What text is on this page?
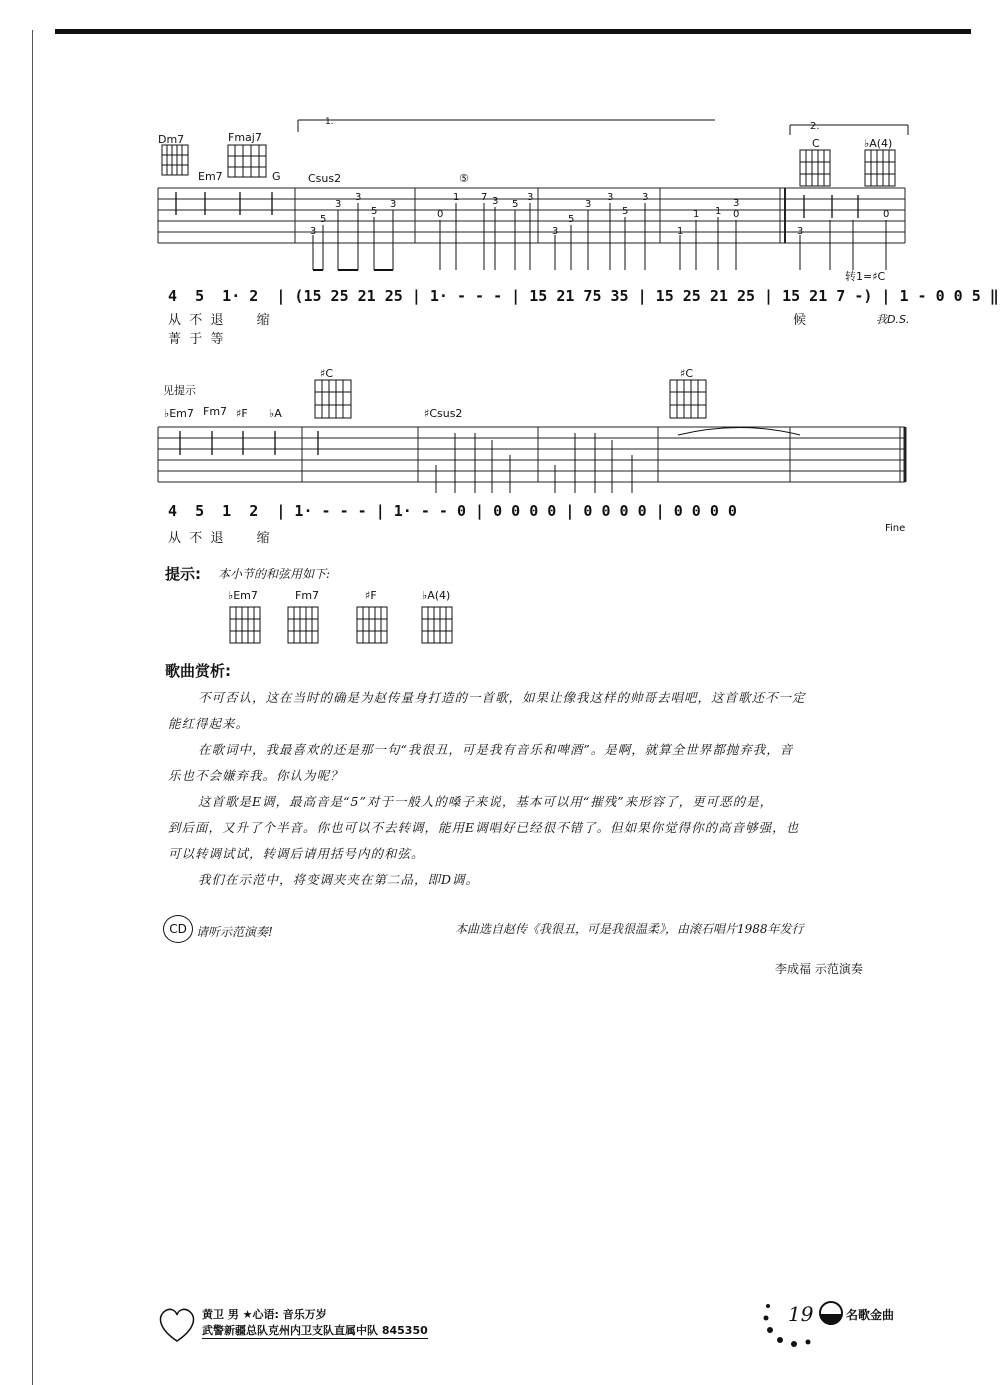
1.	2.
Dm7
Em7
Fmaj7
G Csus2
C	♭A(4)
⑤
3
5
3
3
5
3
0
1 7 3 5
3
3
5
3
3
5
3
1
1 1 0
3
3
0
4  5  1· 2  | (15 25 21 25 | 1· - - - | 15 21 75 35 | 15 25 21 25 | 15 21 7 -) | 1 - 0 0 5 ‖
转1=♯C
从  不  退        缩
菁  于  等
候	我D.S.
见提示
♭Em7 Fm7 ♯F ♭A
♯C
♯Csus2
♯C
4  5  1  2  | 1· - - - | 1· - - 0 | 0 0 0 0 | 0 0 0 0 | 0 0 0 0
从  不  退        缩
Fine
提示: 本小节的和弦用如下:
♭Em7	Fm7	♯F	♭A(4)
歌曲赏析:
不可否认，这在当时的确是为赵传量身打造的一首歌，如果让像我这样的帅哥去唱吧，这首歌还不一定
能红得起来。
在歌词中，我最喜欢的还是那一句“我很丑，可是我有音乐和啤酒”。是啊，就算全世界都抛弃我，音
乐也不会嫌弃我。你认为呢？
这首歌是E调，最高音是“5”对于一般人的嗓子来说，基本可以用“摧残”来形容了，更可恶的是，
到后面，又升了个半音。你也可以不去转调，能用E调唱好已经很不错了。但如果你觉得你的高音够强，也
可以转调试试，转调后请用括号内的和弦。
我们在示范中，将变调夹夹在第二品，即D调。
CD 请听示范演奏!	本曲选自赵传《我很丑，可是我很温柔》，由滚石唱片1988年发行
李成福 示范演奏
黄卫 男 ★心语: 音乐万岁
武警新疆总队克州内卫支队直属中队 845350
19	名歌金曲
